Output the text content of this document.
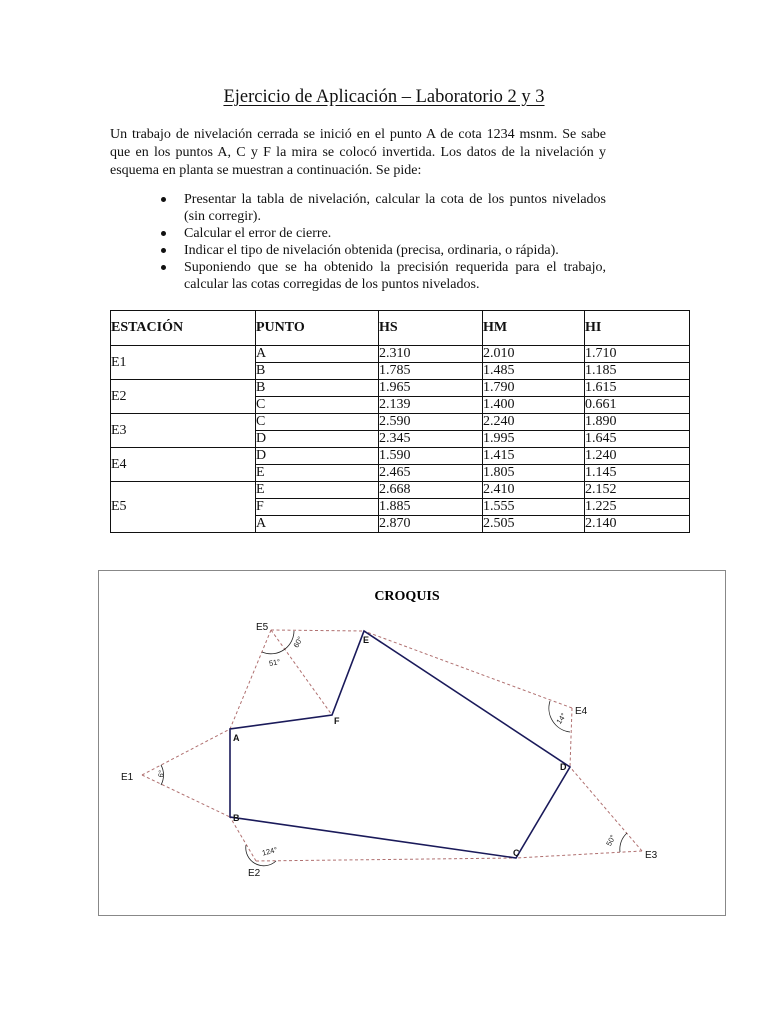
Ejercicio de Aplicación – Laboratorio 2 y 3
Un trabajo de nivelación cerrada se inició en el punto A de cota 1234 msnm. Se sabe que en los puntos A, C y F la mira se colocó invertida. Los datos de la nivelación y esquema en planta se muestran a continuación. Se pide:
Presentar la tabla de nivelación, calcular la cota de los puntos nivelados (sin corregir).
Calcular el error de cierre.
Indicar el tipo de nivelación obtenida (precisa, ordinaria, o rápida).
Suponiendo que se ha obtenido la precisión requerida para el trabajo, calcular las cotas corregidas de los puntos nivelados.
ESTACIÓN	PUNTO	HS	HM	HI
E1	A	2.310	2.010	1.710
	B	1.785	1.485	1.185
E2	B	1.965	1.790	1.615
	C	2.139	1.400	0.661
E3	C	2.590	2.240	1.890
	D	2.345	1.995	1.645
E4	D	1.590	1.415	1.240
	E	2.465	1.805	1.145
E5	E	2.668	2.410	2.152
	F	1.885	1.555	1.225
	A	2.870	2.505	2.140
CROQUIS
6°
124°
50°
14°
60°
51°
E1
E2
E3
E4
E5
A
B
C
D
E
F
